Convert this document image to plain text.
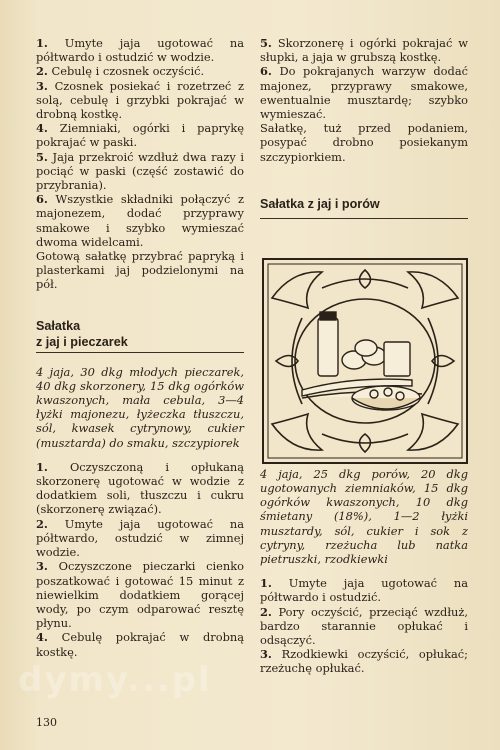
1. Umyte jaja ugotować na półtwardo i ostudzić w wodzie.

2. Cebulę i czosnek oczyścić.

3. Czosnek posiekać i rozetrzeć z solą, cebulę i grzybki pokrajać w drobną kostkę.

4. Ziemniaki, ogórki i paprykę pokrajać w paski.

5. Jaja przekroić wzdłuż dwa razy i pociąć w paski (część zostawić do przybrania).

6. Wszystkie składniki połączyć z majonezem, dodać przyprawy smakowe i szybko wymieszać dwoma widelcami.

Gotową sałatkę przybrać papryką i plasterkami jaj podzielonymi na pół.

Sałatka
z jaj i pieczarek

4 jaja, 30 dkg młodych pieczarek, 40 dkg skorzonery, 15 dkg ogórków kwaszonych, mała cebula, 3—4 łyżki majonezu, łyżeczka tłuszczu, sól, kwasek cytrynowy, cukier (musztarda) do smaku, szczypiorek

1. Oczyszczoną i opłukaną skorzonerę ugotować w wodzie z dodatkiem soli, tłuszczu i cukru (skorzonerę związać).

2. Umyte jaja ugotować na półtwardo, ostudzić w zimnej wodzie.

3. Oczyszczone pieczarki cienko poszatkować i gotować 15 minut z niewielkim dodatkiem gorącej wody, po czym odparować resztę płynu.

4. Cebulę pokrajać w drobną kostkę.

5. Skorzonerę i ogórki pokrajać w słupki, a jaja w grubszą kostkę.

6. Do pokrajanych warzyw dodać majonez, przyprawy smakowe, ewentualnie musztardę; szybko wymieszać.

Sałatkę, tuż przed podaniem, posypać drobno posiekanym szczypiorkiem.

Sałatka z jaj i porów

4 jaja, 25 dkg porów, 20 dkg ugotowanych ziemniaków, 15 dkg ogórków kwaszonych, 10 dkg śmietany (18%), 1—2 łyżki musztardy, sól, cukier i sok z cytryny, rzeżucha lub natka pietruszki, rzodkiewki

1. Umyte jaja ugotować na półtwardo i ostudzić.

2. Pory oczyścić, przeciąć wzdłuż, bardzo starannie opłukać i odsączyć.

3. Rzodkiewki oczyścić, opłukać; rzeżuchę opłukać.

130
dymy...pl
